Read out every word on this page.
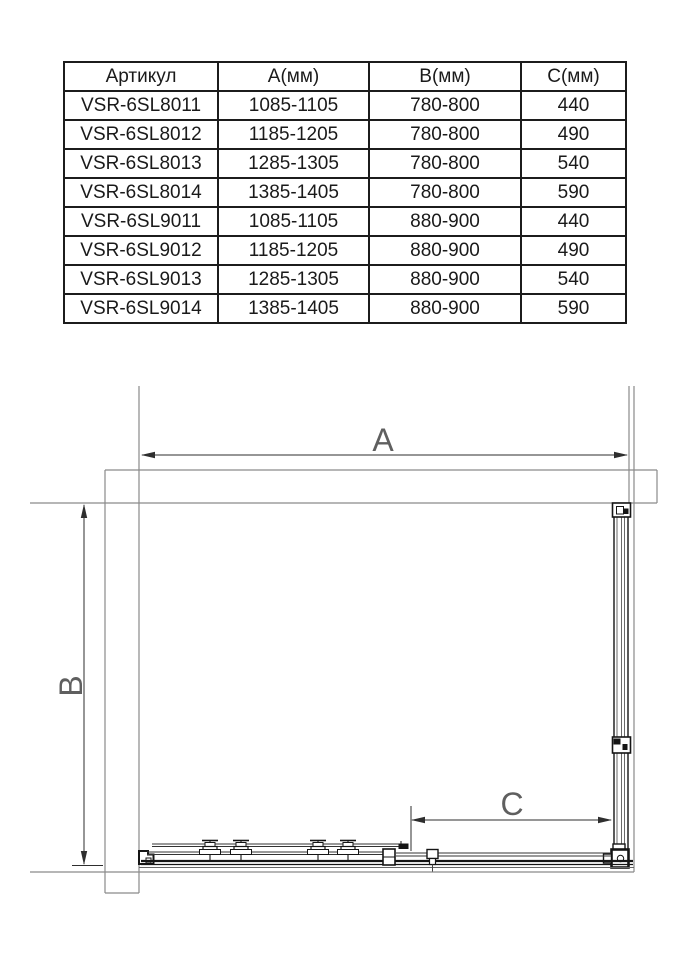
Артикул	А(мм)	В(мм)	С(мм)
VSR-6SL8011	1085-1105	780-800	440
VSR-6SL8012	1185-1205	780-800	490
VSR-6SL8013	1285-1305	780-800	540
VSR-6SL8014	1385-1405	780-800	590
VSR-6SL9011	1085-1105	880-900	440
VSR-6SL9012	1185-1205	880-900	490
VSR-6SL9013	1285-1305	880-900	540
VSR-6SL9014	1385-1405	880-900	590
A
B
C
